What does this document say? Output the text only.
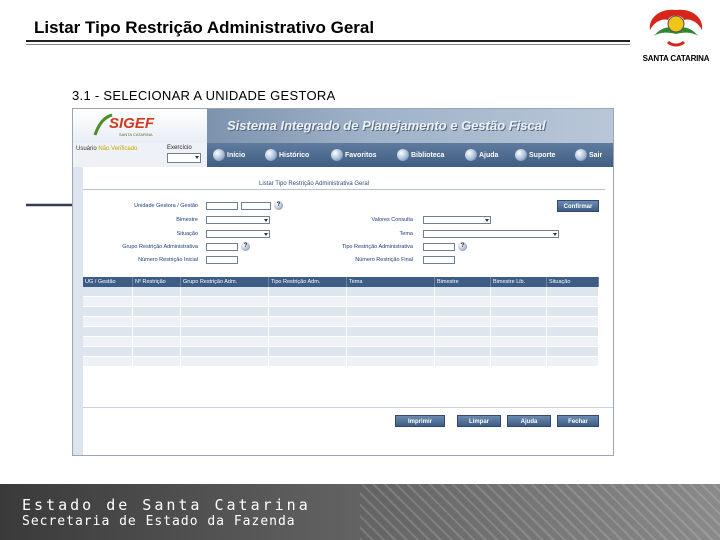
Listar Tipo Restrição Administrativo Geral
SANTA CATARINA
3.1 - SELECIONAR A UNIDADE GESTORA
SIGEF
SANTA CATARINA
Sistema Integrado de Planejamento e Gestão Fiscal
Usuário Não Verificado	Exercício
Início	Histórico	Favoritos	Biblioteca	Ajuda	Suporte	Sair
Listar Tipo Restrição Administrativa Geral
Unidade Gestora / Gestão	?
Bimestre
Situação
Grupo Restrição Administrativa	?
Número Restrição Inicial
Valores Consulta
Tema
Tipo Restrição Administrativa	?
Número Restrição Final
Confirmar
UG / Gestão	Nº Restrição	Grupo Restrição Adm.	Tipo Restrição Adm.	Tema	Bimestre	Bimestre Lib.	Situação
Imprimir	Limpar	Ajuda	Fechar
Estado de Santa Catarina
Secretaria de Estado da Fazenda
